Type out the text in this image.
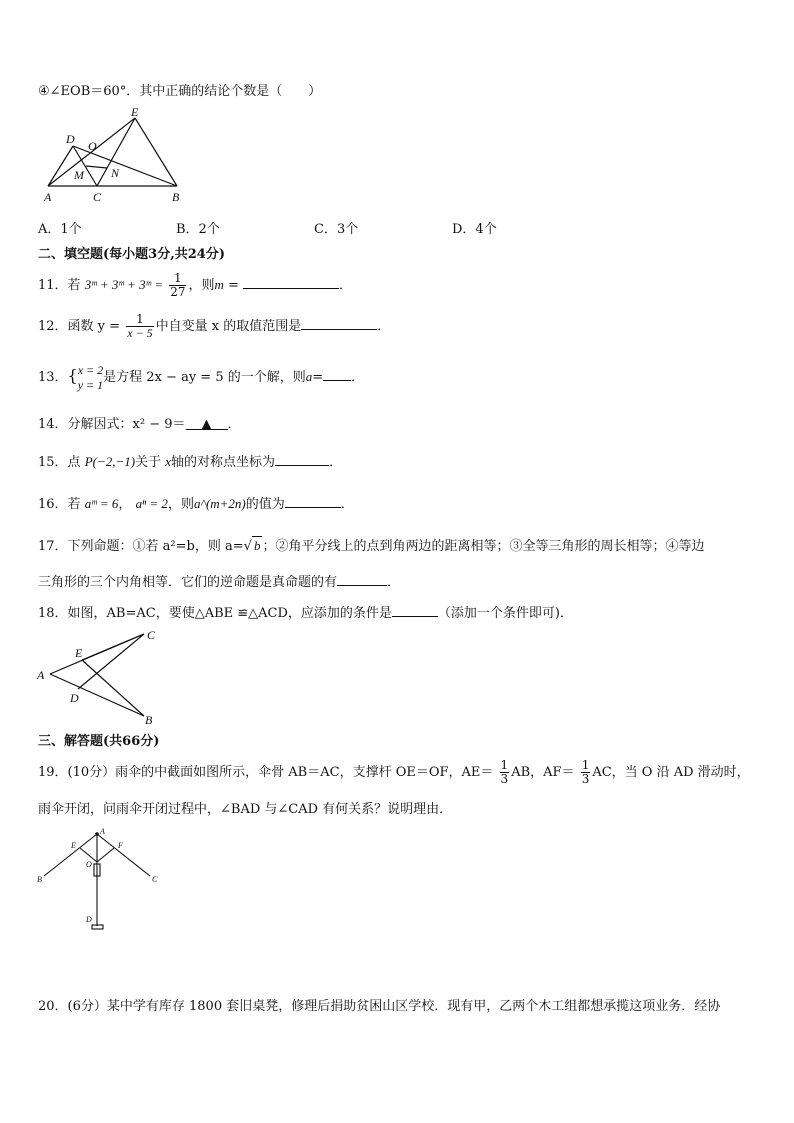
④∠EOB＝60°．其中正确的结论个数是（　　）
E
D O
M N
A	C	B
A．1个	B．2个	C．3个	D．4个
二、填空题(每小题3分,共24分)
11．若 3ᵐ + 3ᵐ + 3ᵐ = $\frac{1}{27}$ ，则m =	．
12．函数 $y = \frac{1}{x - 5}$ 中自变量 x 的取值范围是	．
13．{ x = 2
y = 1 是方程 2x − ay = 5 的一个解，则a= ．
14．分解因式：x² − 9＝ ▲ ．
15．点 P(−2,−1)关于 x轴的对称点坐标为	．
16．若 aᵐ = 6， aⁿ = 2，则a^(m+2n)的值为	．
17．下列命题：①若 a²=b，则 a=√ b ；②角平分线上的点到角两边的距离相等；③全等三角形的周长相等；④等边
三角形的三个内角相等．它们的逆命题是真命题的有	．
18．如图，AB=AC，要使△ABE ≌△ACD，应添加的条件是	（添加一个条件即可)．
C
E
A
D
B
三、解答题(共66分)
19．(10分）雨伞的中截面如图所示，伞骨 AB＝AC，支撑杆 OE＝OF，$AE= \frac{1}{3}$ AB，$AF= \frac{1}{3}$ AC，当 O 沿 AD 滑动时，
雨伞开闭，问雨伞开闭过程中，∠BAD 与∠CAD 有何关系？说明理由．
A
E	F
O
B	C
D
20．(6分）某中学有库存 1800 套旧桌凳，修理后捐助贫困山区学校．现有甲，乙两个木工组都想承揽这项业务．经协
